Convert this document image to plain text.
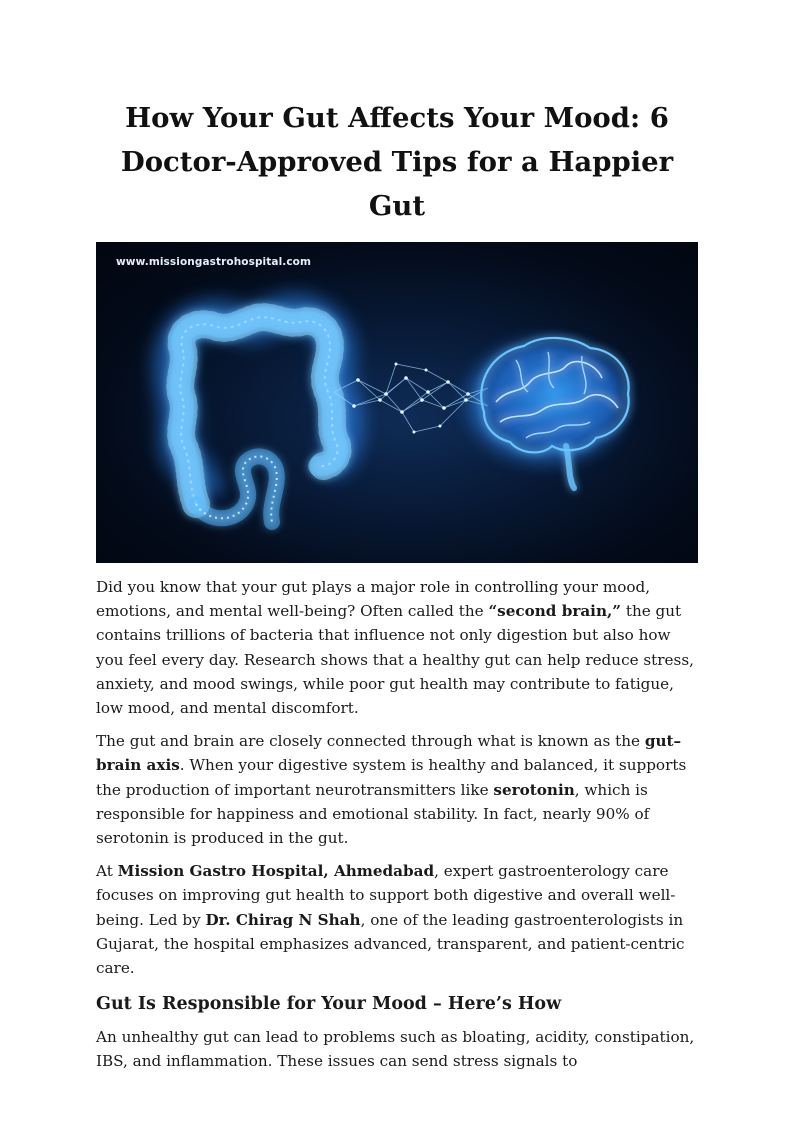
How Your Gut Affects Your Mood: 6 Doctor-Approved Tips for a Happier Gut
www.missiongastrohospital.com

Did you know that your gut plays a major role in controlling your mood, emotions, and mental well-being? Often called the “second brain,” the gut contains trillions of bacteria that influence not only digestion but also how you feel every day. Research shows that a healthy gut can help reduce stress, anxiety, and mood swings, while poor gut health may contribute to fatigue, low mood, and mental discomfort.

The gut and brain are closely connected through what is known as the gut–brain axis. When your digestive system is healthy and balanced, it supports the production of important neurotransmitters like serotonin, which is responsible for happiness and emotional stability. In fact, nearly 90% of serotonin is produced in the gut.

At Mission Gastro Hospital, Ahmedabad, expert gastroenterology care focuses on improving gut health to support both digestive and overall well-being. Led by Dr. Chirag N Shah, one of the leading gastroenterologists in Gujarat, the hospital emphasizes advanced, transparent, and patient-centric care.

Gut Is Responsible for Your Mood – Here’s How

An unhealthy gut can lead to problems such as bloating, acidity, constipation, IBS, and inflammation. These issues can send stress signals to
